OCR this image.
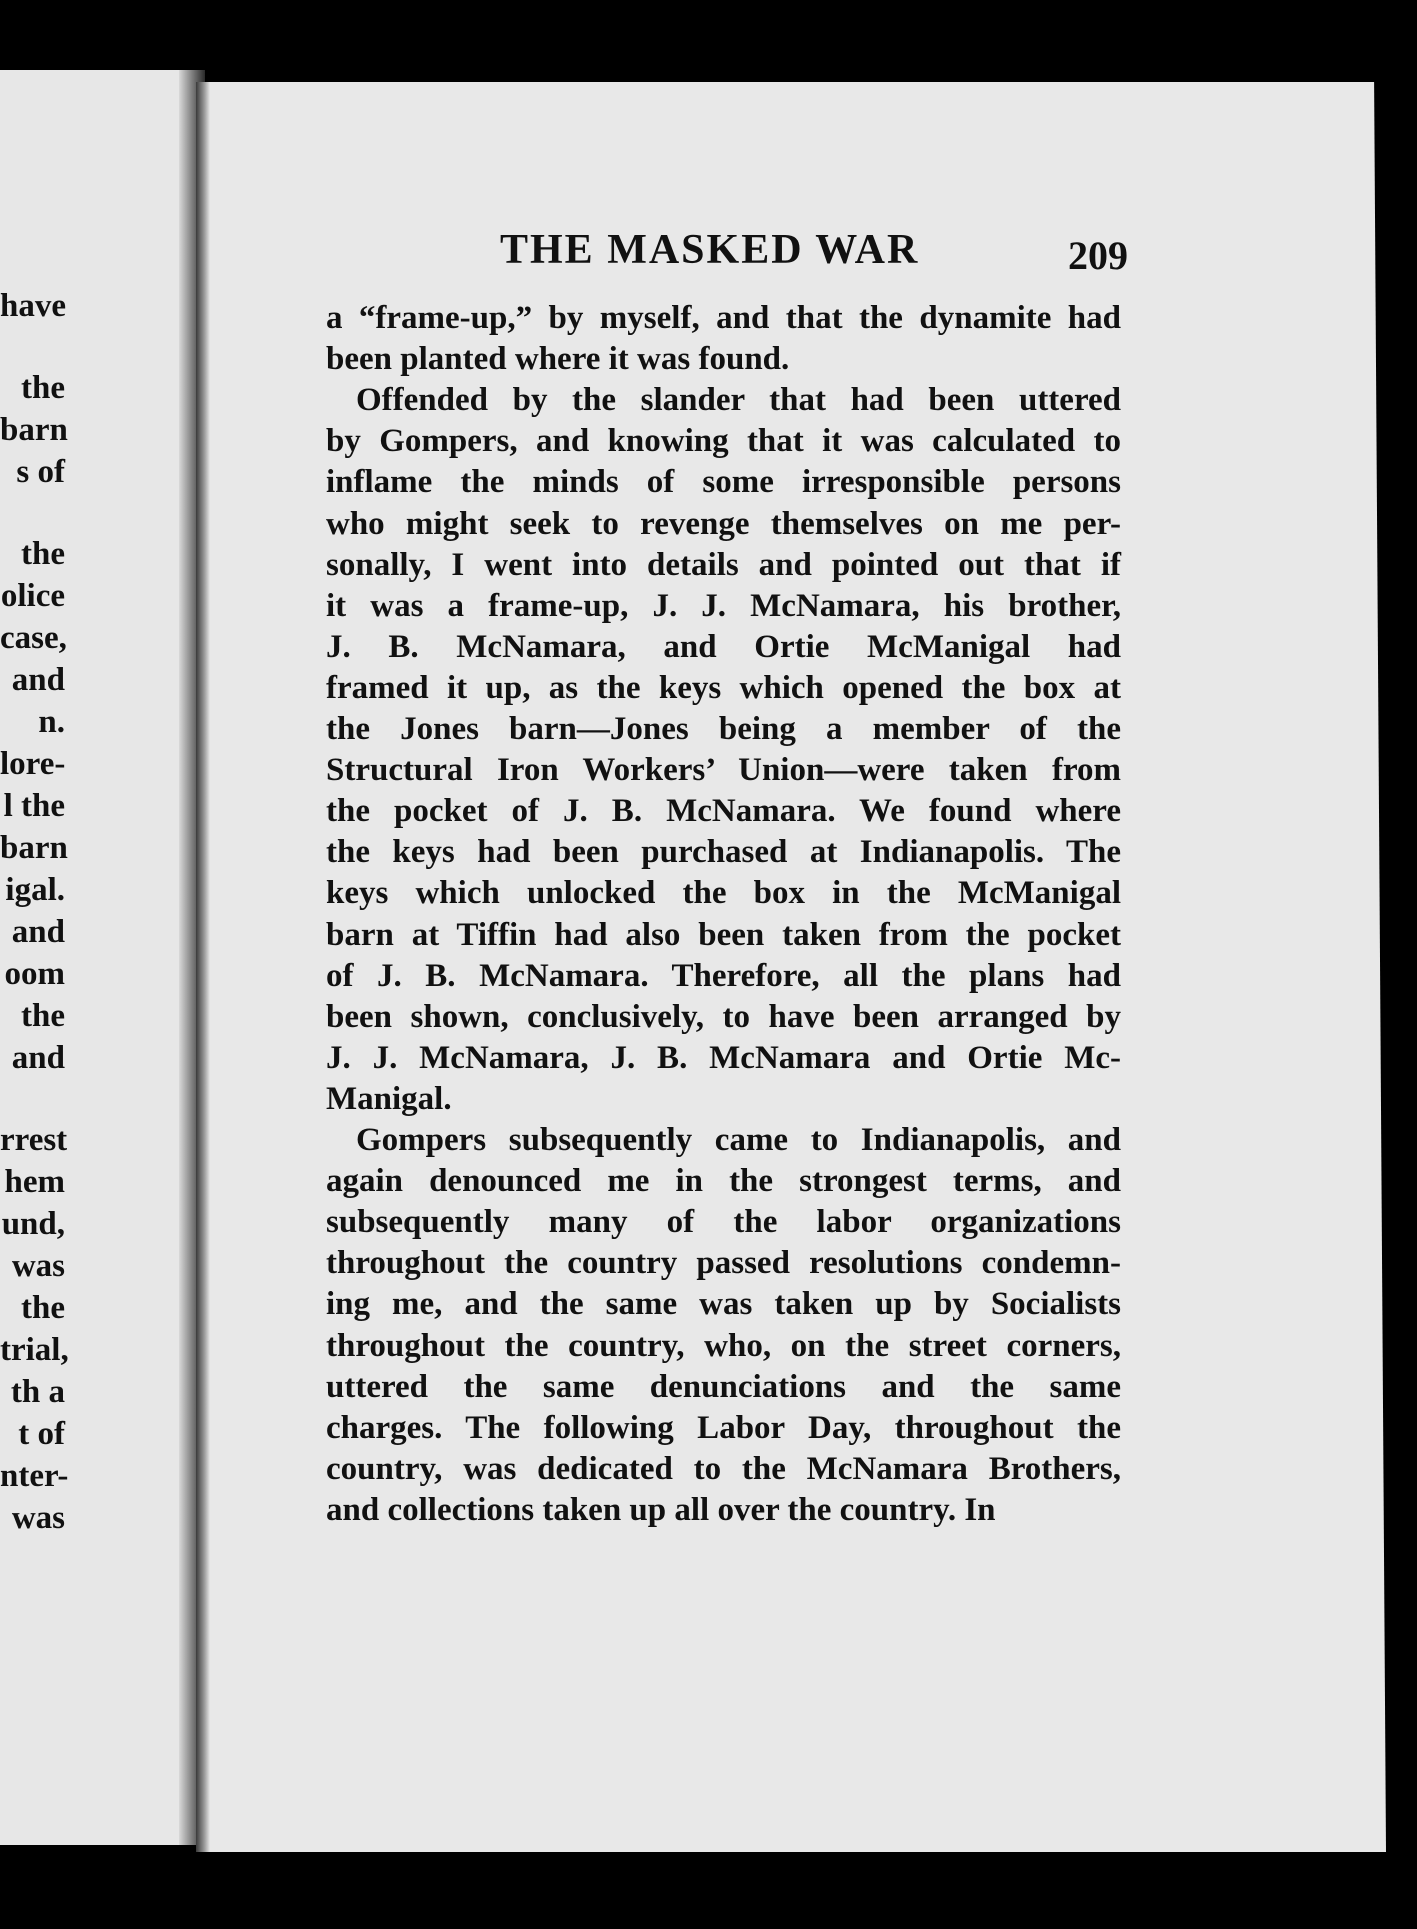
have
the
barn
s of
the
olice
case,
and
n.
lore-
l the
barn
igal.
and
oom
the
and
rrest
hem
und,
was
the
trial,
th a
t of
nter-
was
THE MASKED WAR	209
a “frame-up,” by myself, and that the dynamite had
been planted where it was found.
Offended by the slander that had been uttered
by Gompers, and knowing that it was calculated to
inflame the minds of some irresponsible persons
who might seek to revenge themselves on me per-
sonally, I went into details and pointed out that if
it was a frame-up, J. J. McNamara, his brother,
J. B. McNamara, and Ortie McManigal had
framed it up, as the keys which opened the box at
the Jones barn—Jones being a member of the
Structural Iron Workers’ Union—were taken from
the pocket of J. B. McNamara. We found where
the keys had been purchased at Indianapolis. The
keys which unlocked the box in the McManigal
barn at Tiffin had also been taken from the pocket
of J. B. McNamara. Therefore, all the plans had
been shown, conclusively, to have been arranged by
J. J. McNamara, J. B. McNamara and Ortie Mc-
Manigal.
Gompers subsequently came to Indianapolis, and
again denounced me in the strongest terms, and
subsequently many of the labor organizations
throughout the country passed resolutions condemn-
ing me, and the same was taken up by Socialists
throughout the country, who, on the street corners,
uttered the same denunciations and the same
charges. The following Labor Day, throughout the
country, was dedicated to the McNamara Brothers,
and collections taken up all over the country. In
